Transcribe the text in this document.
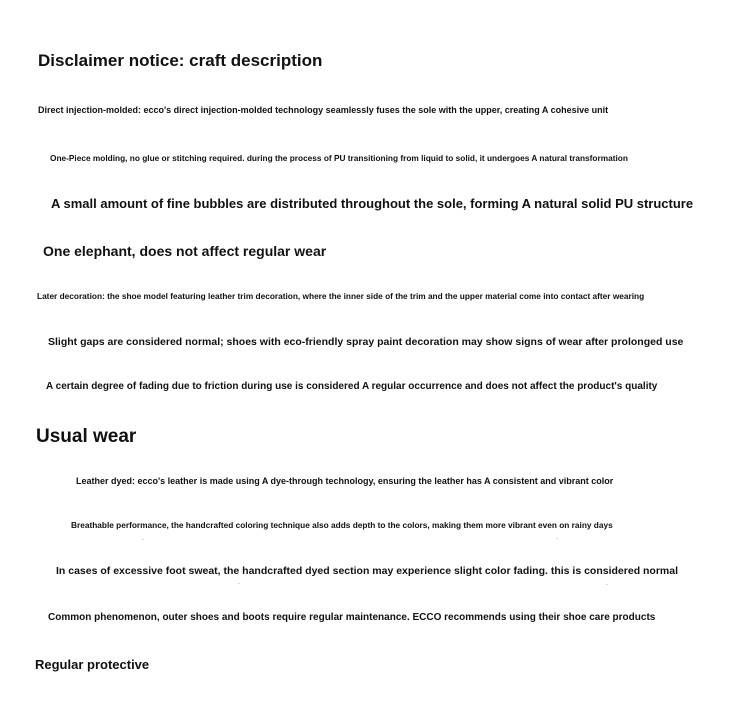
Disclaimer notice: craft description
Direct injection-molded: ecco's direct injection-molded technology seamlessly fuses the sole with the upper, creating A cohesive unit
One-Piece molding, no glue or stitching required. during the process of PU transitioning from liquid to solid, it undergoes A natural transformation
A small amount of fine bubbles are distributed throughout the sole, forming A natural solid PU structure
One elephant, does not affect regular wear
Later decoration: the shoe model featuring leather trim decoration, where the inner side of the trim and the upper material come into contact after wearing
Slight gaps are considered normal; shoes with eco-friendly spray paint decoration may show signs of wear after prolonged use
A certain degree of fading due to friction during use is considered A regular occurrence and does not affect the product's quality
Usual wear
Leather dyed: ecco's leather is made using A dye-through technology, ensuring the leather has A consistent and vibrant color
Breathable performance, the handcrafted coloring technique also adds depth to the colors, making them more vibrant even on rainy days
In cases of excessive foot sweat, the handcrafted dyed section may experience slight color fading. this is considered normal
Common phenomenon, outer shoes and boots require regular maintenance. ECCO recommends using their shoe care products
Regular protective
